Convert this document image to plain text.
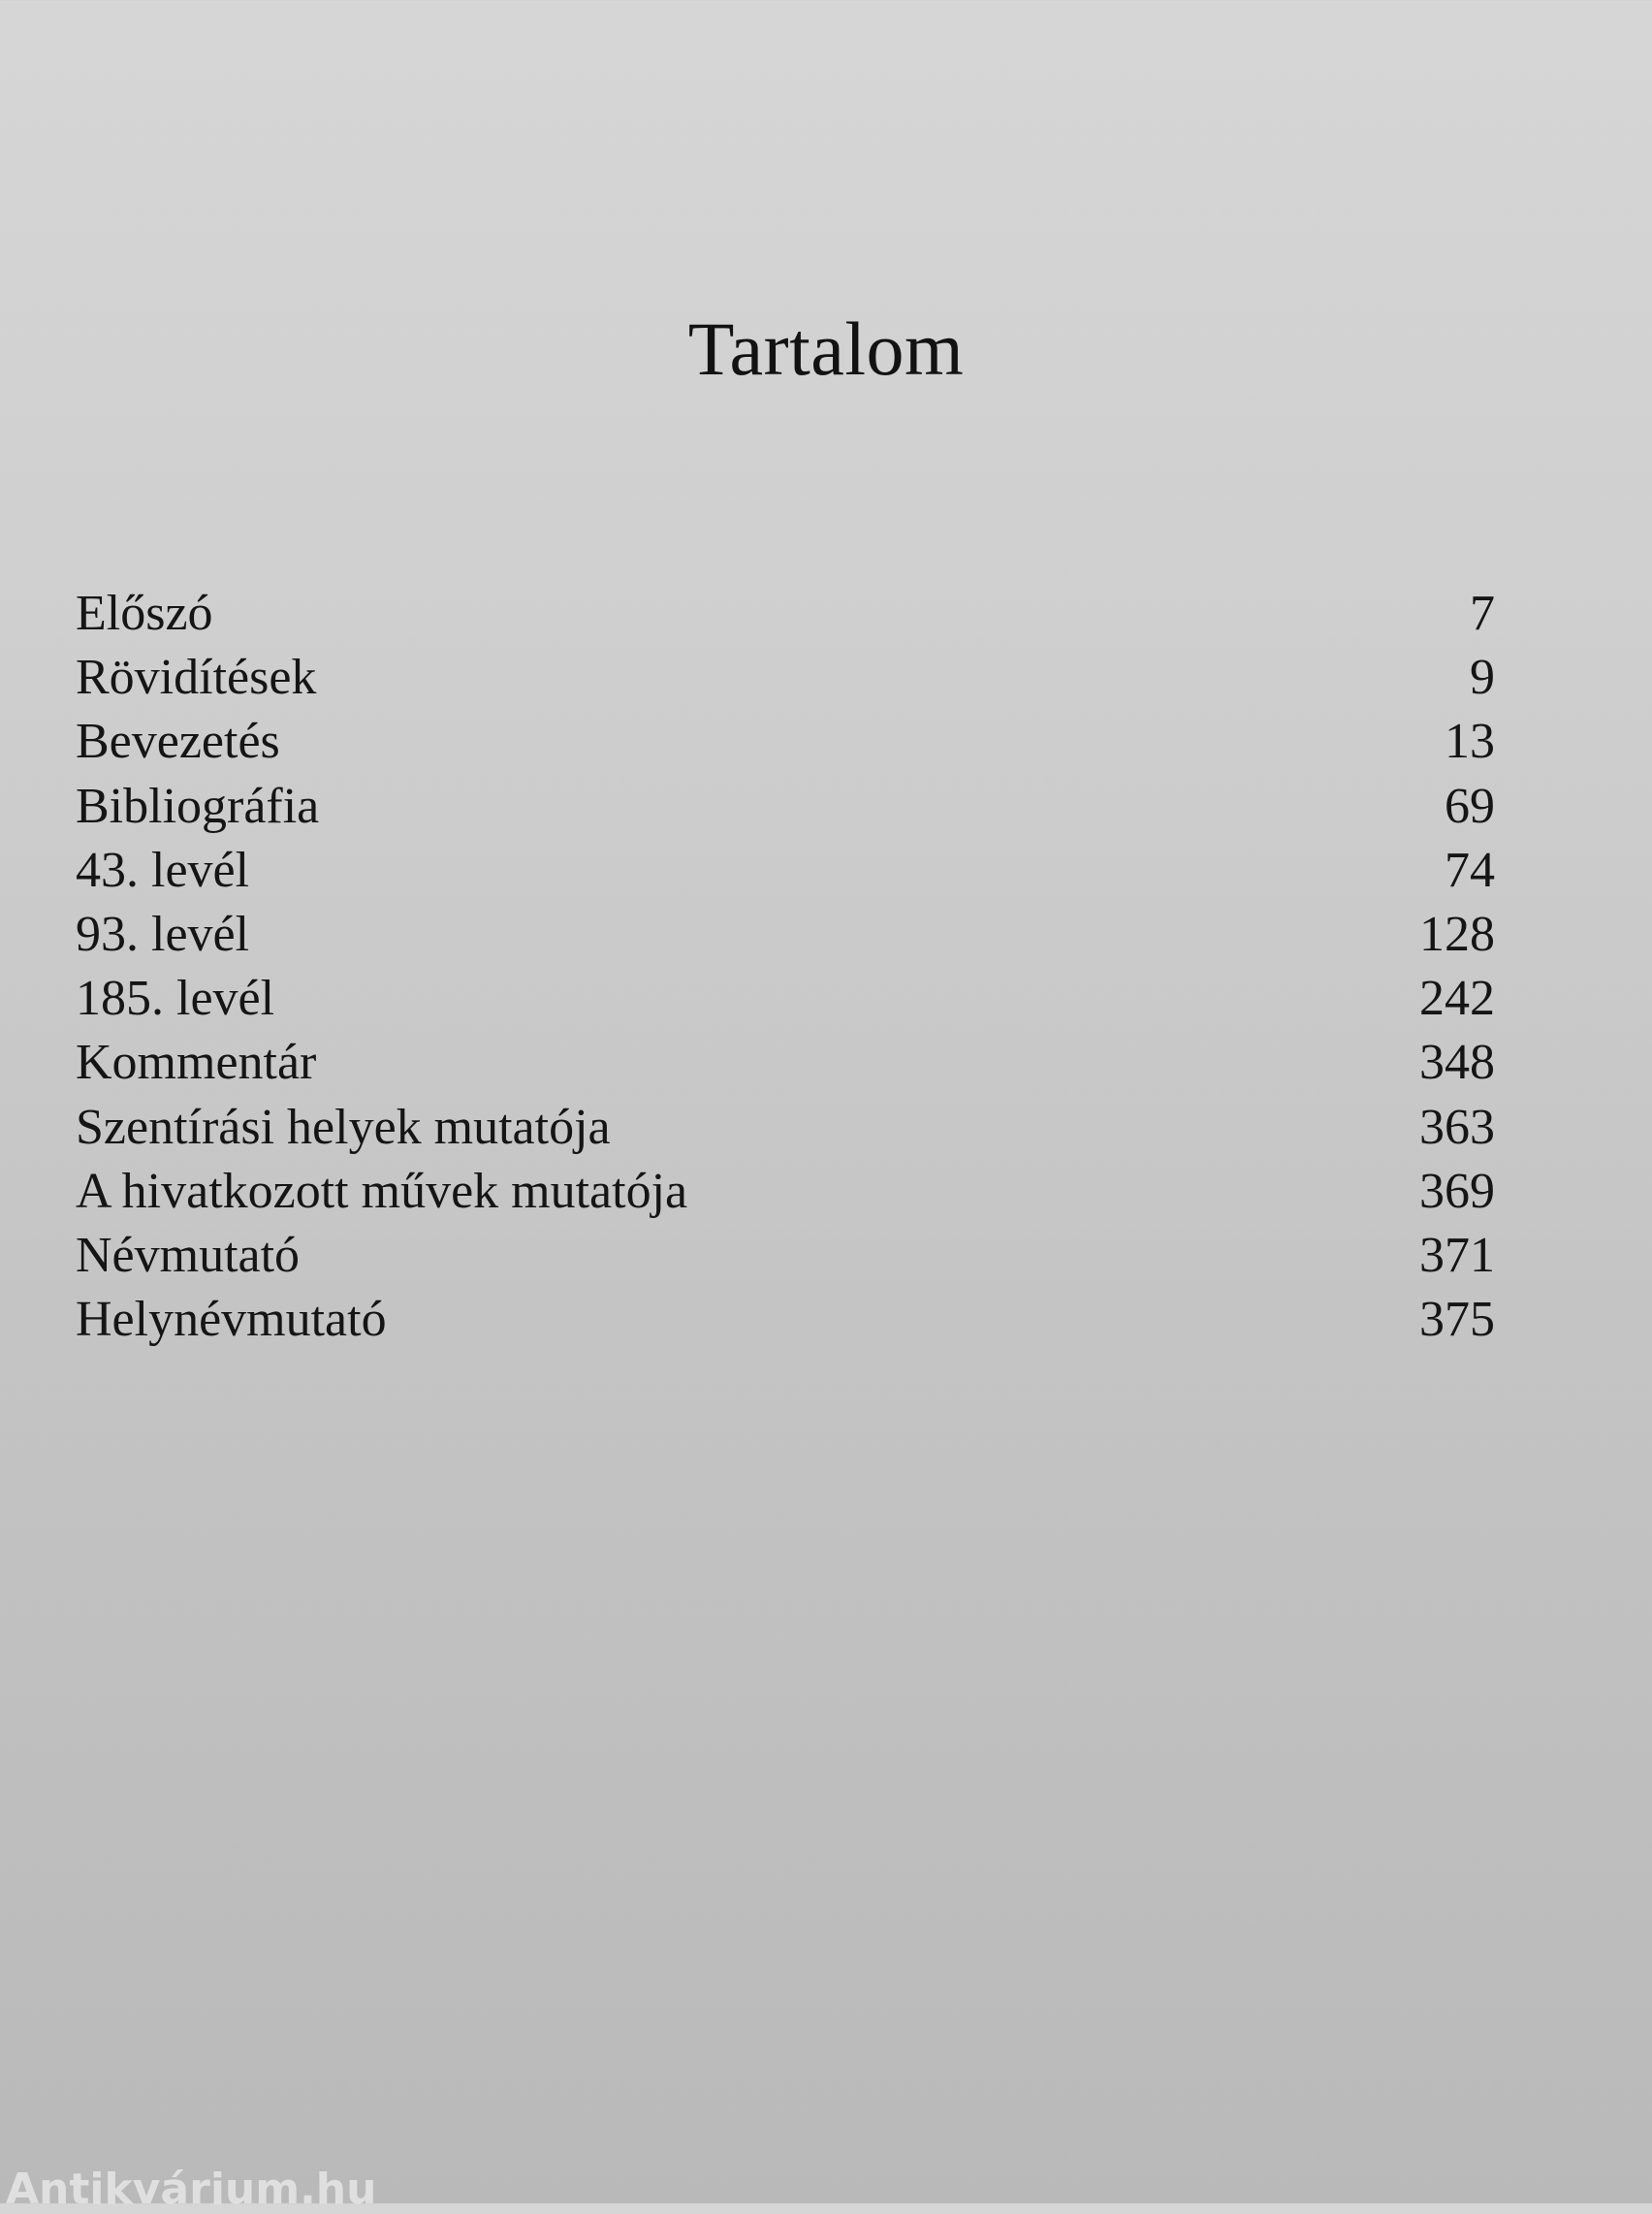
Tartalom
Előszó	7
Rövidítések	9
Bevezetés	13
Bibliográfia	69
43. levél	74
93. levél	128
185. levél	242
Kommentár	348
Szentírási helyek mutatója	363
A hivatkozott művek mutatója	369
Névmutató	371
Helynévmutató	375
Antikvárium.hu
